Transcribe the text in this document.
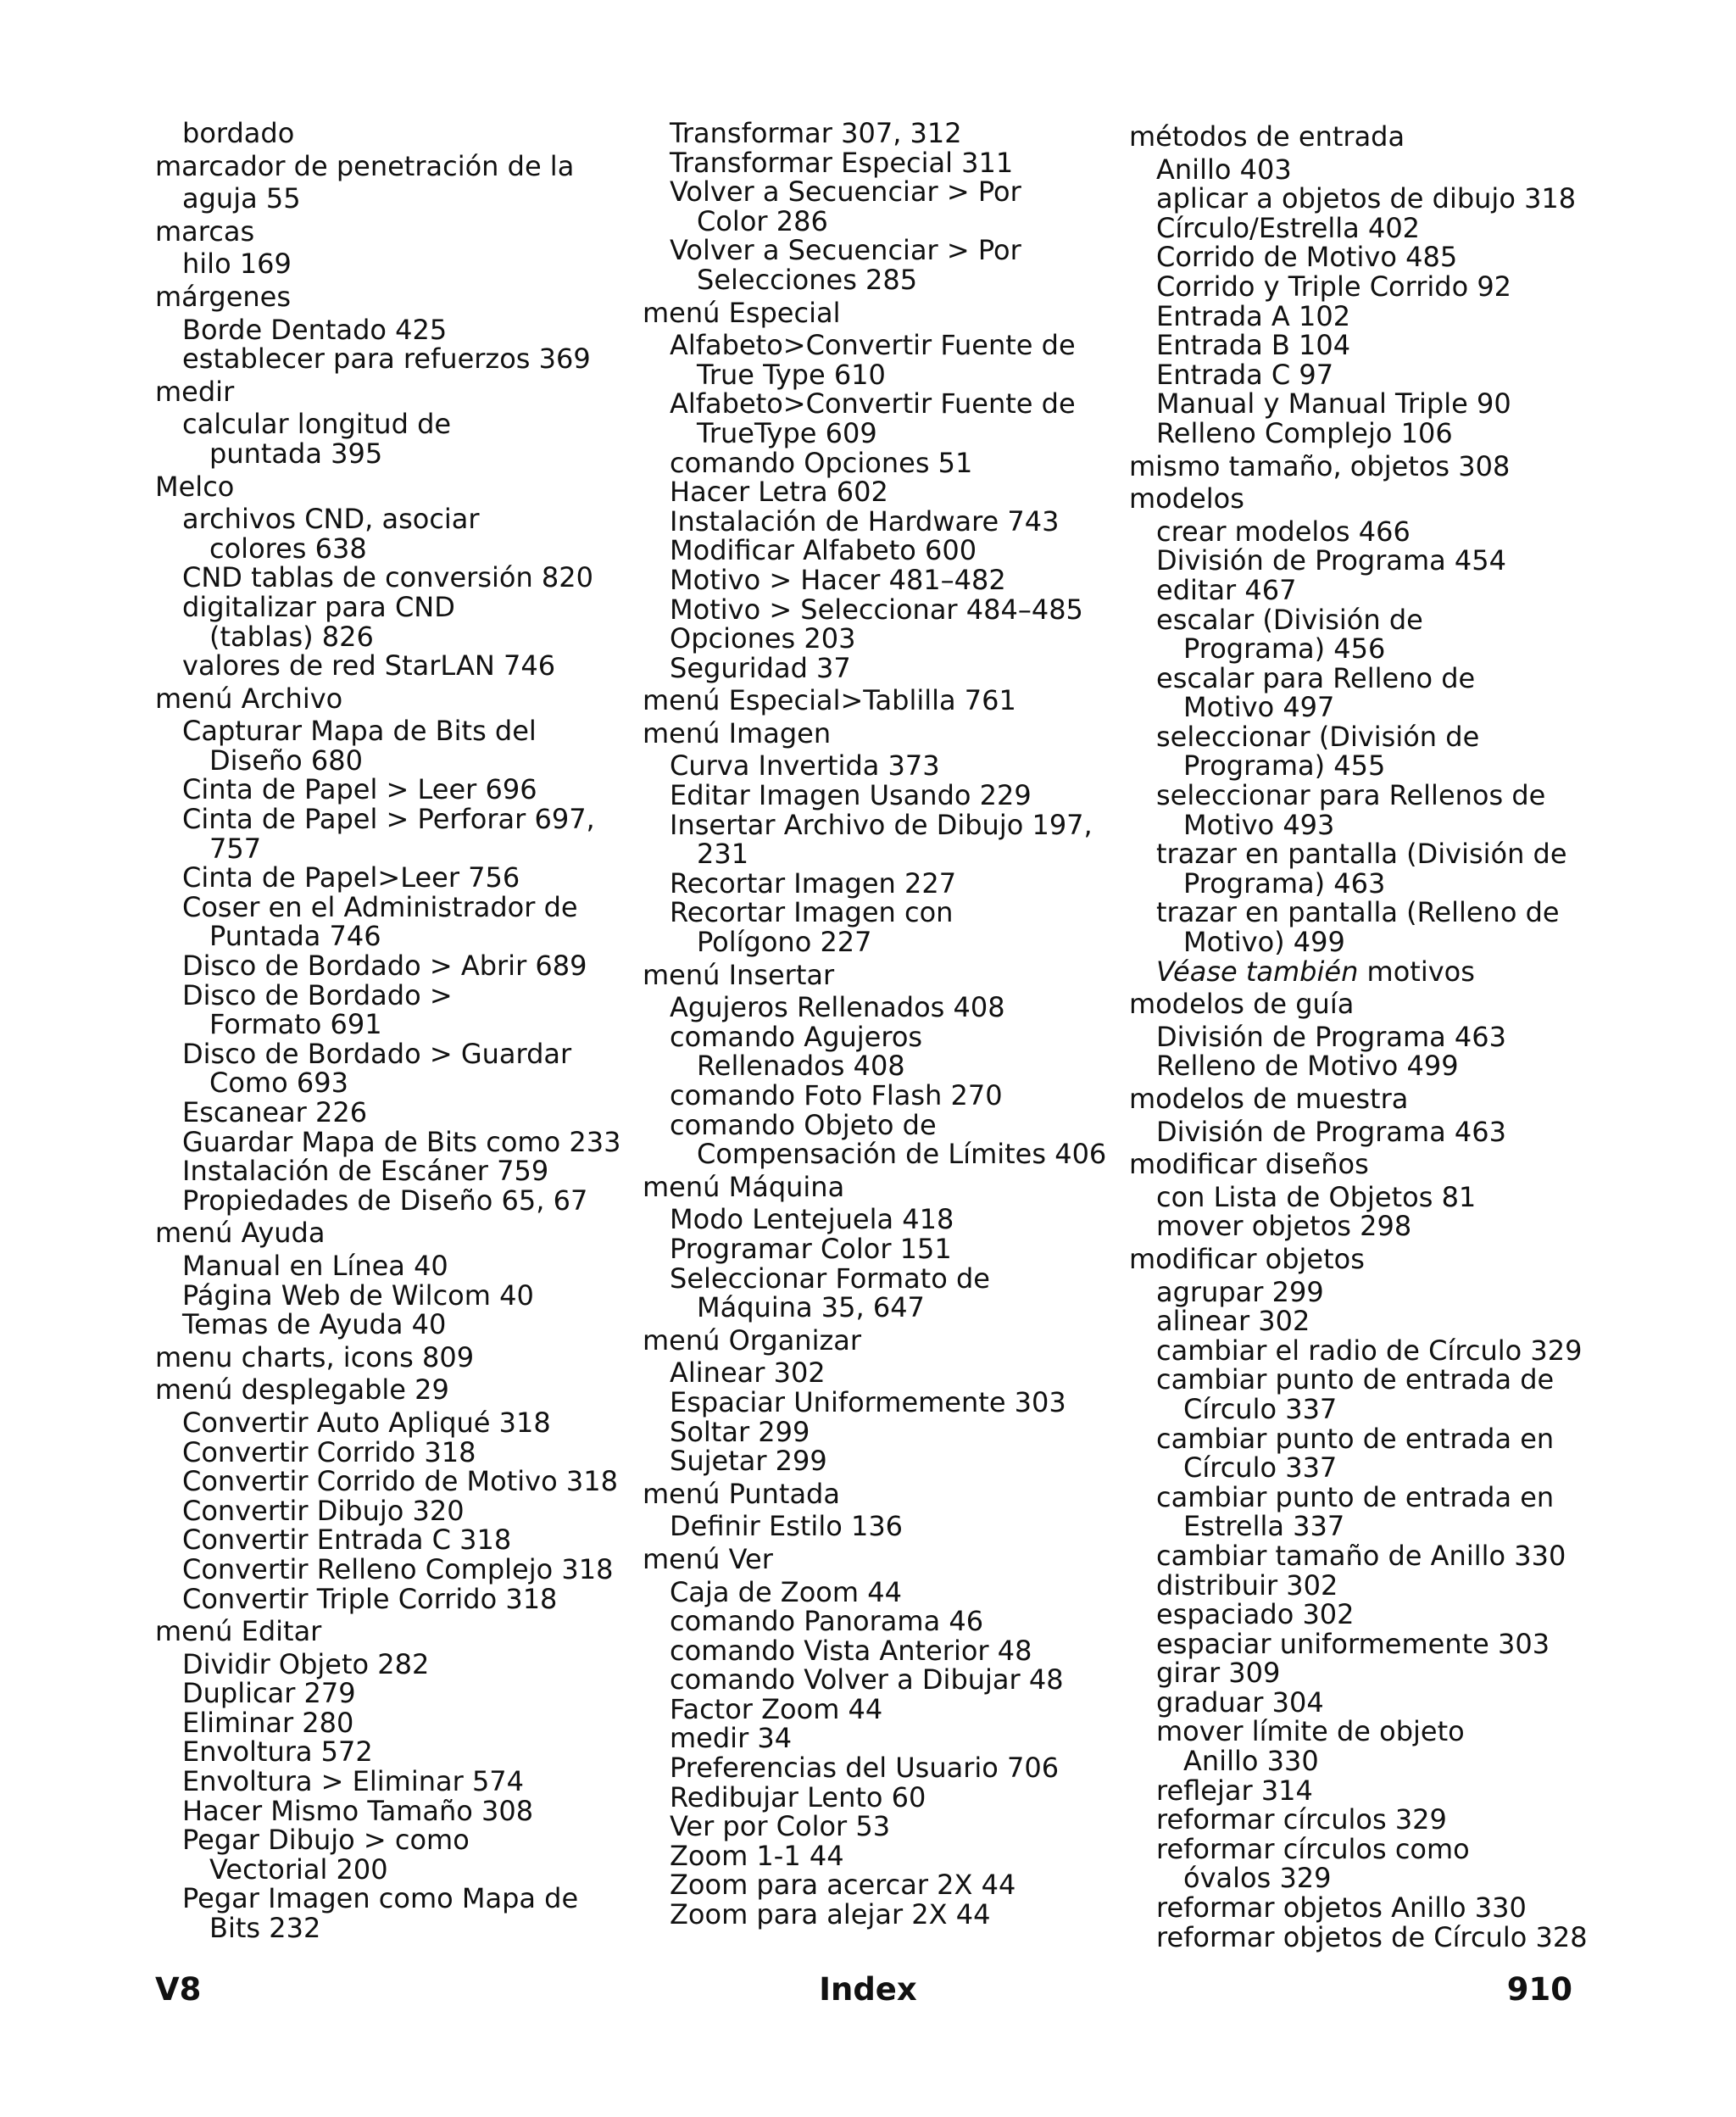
bordado
marcador de penetración de la
aguja 55
marcas
hilo 169
márgenes
Borde Dentado 425
establecer para refuerzos 369
medir
calcular longitud de
puntada 395
Melco
archivos CND, asociar
colores 638
CND tablas de conversión 820
digitalizar para CND
(tablas) 826
valores de red StarLAN 746
menú Archivo
Capturar Mapa de Bits del
Diseño 680
Cinta de Papel > Leer 696
Cinta de Papel > Perforar 697,
757
Cinta de Papel>Leer 756
Coser en el Administrador de
Puntada 746
Disco de Bordado > Abrir 689
Disco de Bordado >
Formato 691
Disco de Bordado > Guardar
Como 693
Escanear 226
Guardar Mapa de Bits como 233
Instalación de Escáner 759
Propiedades de Diseño 65, 67
menú Ayuda
Manual en Línea 40
Página Web de Wilcom 40
Temas de Ayuda 40
menu charts, icons 809
menú desplegable 29
Convertir Auto Apliqué 318
Convertir Corrido 318
Convertir Corrido de Motivo 318
Convertir Dibujo 320
Convertir Entrada C 318
Convertir Relleno Complejo 318
Convertir Triple Corrido 318
menú Editar
Dividir Objeto 282
Duplicar 279
Eliminar 280
Envoltura 572
Envoltura > Eliminar 574
Hacer Mismo Tamaño 308
Pegar Dibujo > como
Vectorial 200
Pegar Imagen como Mapa de
Bits 232
Transformar 307, 312
Transformar Especial 311
Volver a Secuenciar > Por
Color 286
Volver a Secuenciar > Por
Selecciones 285
menú Especial
Alfabeto>Convertir Fuente de
True Type 610
Alfabeto>Convertir Fuente de
TrueType 609
comando Opciones 51
Hacer Letra 602
Instalación de Hardware 743
Modificar Alfabeto 600
Motivo > Hacer 481–482
Motivo > Seleccionar 484–485
Opciones 203
Seguridad 37
menú Especial>Tablilla 761
menú Imagen
Curva Invertida 373
Editar Imagen Usando 229
Insertar Archivo de Dibujo 197,
231
Recortar Imagen 227
Recortar Imagen con
Polígono 227
menú Insertar
Agujeros Rellenados 408
comando Agujeros
Rellenados 408
comando Foto Flash 270
comando Objeto de
Compensación de Límites 406
menú Máquina
Modo Lentejuela 418
Programar Color 151
Seleccionar Formato de
Máquina 35, 647
menú Organizar
Alinear 302
Espaciar Uniformemente 303
Soltar 299
Sujetar 299
menú Puntada
Definir Estilo 136
menú Ver
Caja de Zoom 44
comando Panorama 46
comando Vista Anterior 48
comando Volver a Dibujar 48
Factor Zoom 44
medir 34
Preferencias del Usuario 706
Redibujar Lento 60
Ver por Color 53
Zoom 1-1 44
Zoom para acercar 2X 44
Zoom para alejar 2X 44
métodos de entrada
Anillo 403
aplicar a objetos de dibujo 318
Círculo/Estrella 402
Corrido de Motivo 485
Corrido y Triple Corrido 92
Entrada A 102
Entrada B 104
Entrada C 97
Manual y Manual Triple 90
Relleno Complejo 106
mismo tamaño, objetos 308
modelos
crear modelos 466
División de Programa 454
editar 467
escalar (División de
Programa) 456
escalar para Relleno de
Motivo 497
seleccionar (División de
Programa) 455
seleccionar para Rellenos de
Motivo 493
trazar en pantalla (División de
Programa) 463
trazar en pantalla (Relleno de
Motivo) 499
Véase también motivos
modelos de guía
División de Programa 463
Relleno de Motivo 499
modelos de muestra
División de Programa 463
modificar diseños
con Lista de Objetos 81
mover objetos 298
modificar objetos
agrupar 299
alinear 302
cambiar el radio de Círculo 329
cambiar punto de entrada de
Círculo 337
cambiar punto de entrada en
Círculo 337
cambiar punto de entrada en
Estrella 337
cambiar tamaño de Anillo 330
distribuir 302
espaciado 302
espaciar uniformemente 303
girar 309
graduar 304
mover límite de objeto
Anillo 330
reflejar 314
reformar círculos 329
reformar círculos como
óvalos 329
reformar objetos Anillo 330
reformar objetos de Círculo 328
V8	Index	910
